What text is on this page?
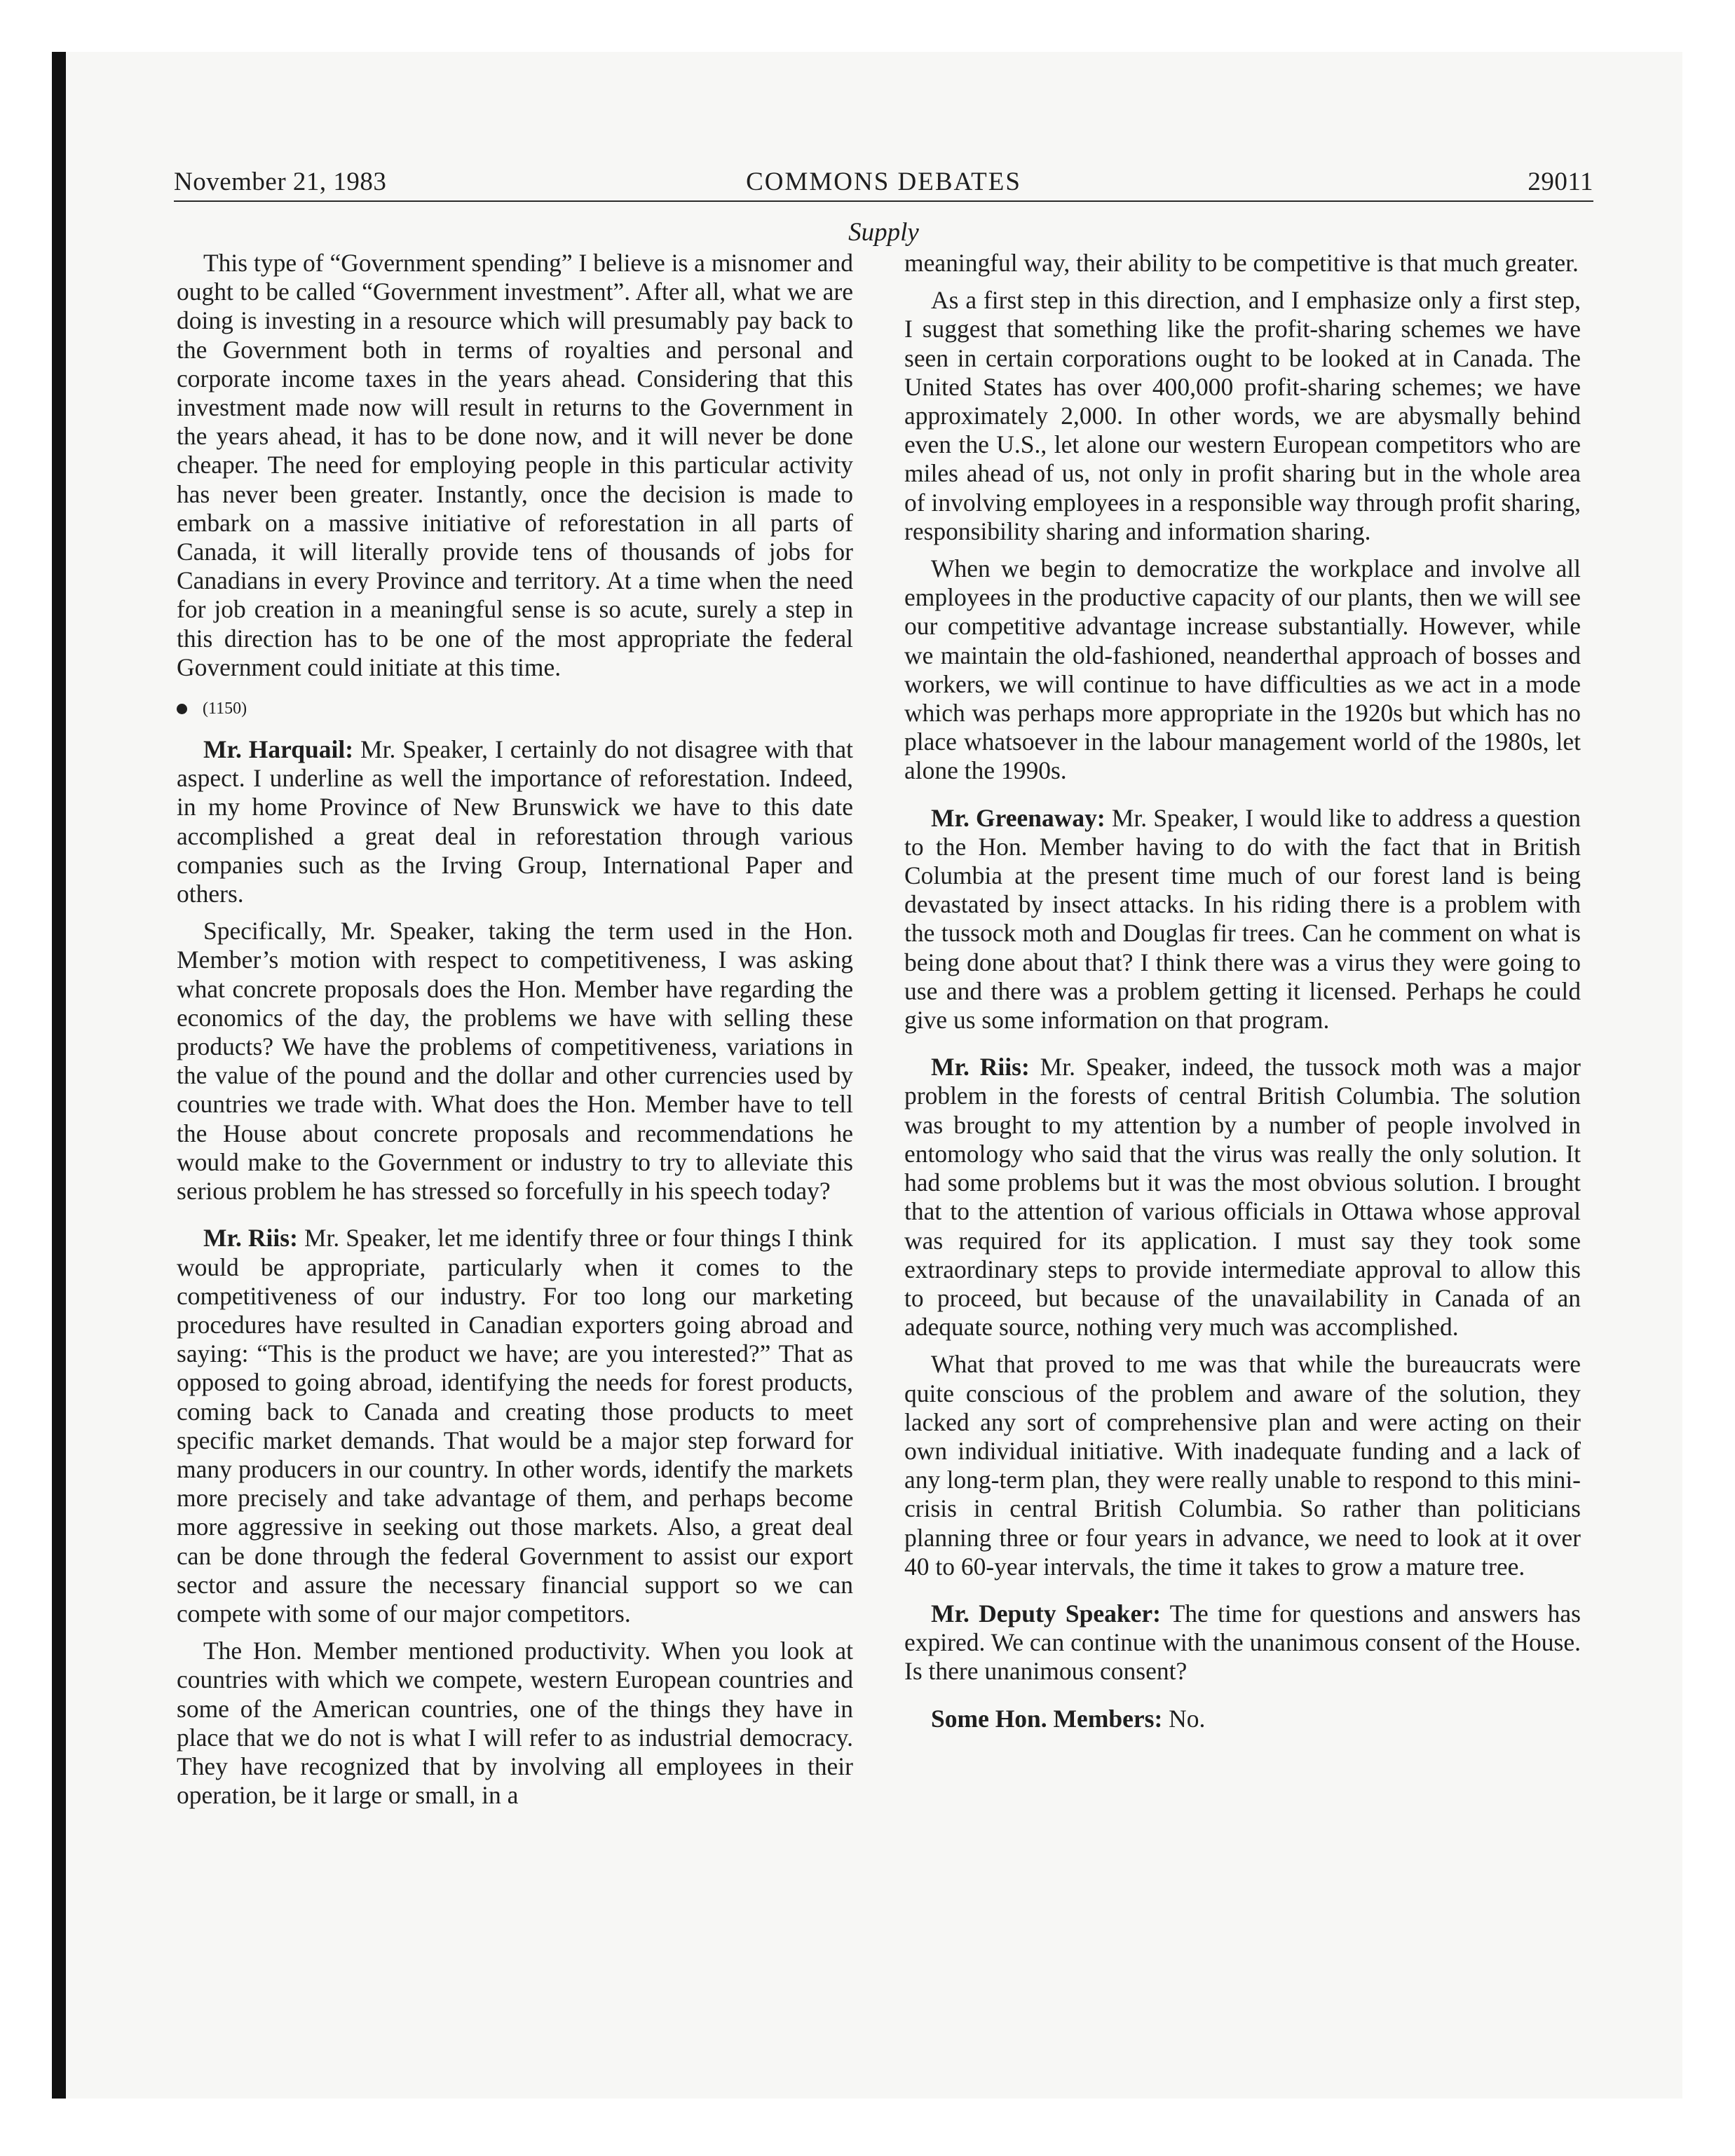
November 21, 1983	COMMONS DEBATES	29011
Supply

This type of “Government spending” I believe is a misnomer and ought to be called “Government investment”. After all, what we are doing is investing in a resource which will presumably pay back to the Government both in terms of royalties and personal and corporate income taxes in the years ahead. Considering that this investment made now will result in returns to the Government in the years ahead, it has to be done now, and it will never be done cheaper. The need for employing people in this particular activity has never been greater. Instantly, once the decision is made to embark on a massive initiative of reforestation in all parts of Canada, it will literally provide tens of thousands of jobs for Canadians in every Province and territory. At a time when the need for job creation in a meaningful sense is so acute, surely a step in this direction has to be one of the most appropriate the federal Government could initiate at this time.

(1150)

Mr. Harquail: Mr. Speaker, I certainly do not disagree with that aspect. I underline as well the importance of reforestation. Indeed, in my home Province of New Brunswick we have to this date accomplished a great deal in reforestation through various companies such as the Irving Group, International Paper and others.

Specifically, Mr. Speaker, taking the term used in the Hon. Member’s motion with respect to competitiveness, I was asking what concrete proposals does the Hon. Member have regarding the economics of the day, the problems we have with selling these products? We have the problems of competitiveness, variations in the value of the pound and the dollar and other currencies used by countries we trade with. What does the Hon. Member have to tell the House about concrete proposals and recommendations he would make to the Government or industry to try to alleviate this serious problem he has stressed so forcefully in his speech today?

Mr. Riis: Mr. Speaker, let me identify three or four things I think would be appropriate, particularly when it comes to the competitiveness of our industry. For too long our marketing procedures have resulted in Canadian exporters going abroad and saying: “This is the product we have; are you interested?” That as opposed to going abroad, identifying the needs for forest products, coming back to Canada and creating those products to meet specific market demands. That would be a major step forward for many producers in our country. In other words, identify the markets more precisely and take advantage of them, and perhaps become more aggressive in seeking out those markets. Also, a great deal can be done through the federal Government to assist our export sector and assure the necessary financial support so we can compete with some of our major competitors.

The Hon. Member mentioned productivity. When you look at countries with which we compete, western European countries and some of the American countries, one of the things they have in place that we do not is what I will refer to as industrial democracy. They have recognized that by involving all employees in their operation, be it large or small, in a

meaningful way, their ability to be competitive is that much greater.

As a first step in this direction, and I emphasize only a first step, I suggest that something like the profit-sharing schemes we have seen in certain corporations ought to be looked at in Canada. The United States has over 400,000 profit-sharing schemes; we have approximately 2,000. In other words, we are abysmally behind even the U.S., let alone our western European competitors who are miles ahead of us, not only in profit sharing but in the whole area of involving employees in a responsible way through profit sharing, responsibility sharing and information sharing.

When we begin to democratize the workplace and involve all employees in the productive capacity of our plants, then we will see our competitive advantage increase substantially. However, while we maintain the old-fashioned, neanderthal approach of bosses and workers, we will continue to have difficulties as we act in a mode which was perhaps more appropriate in the 1920s but which has no place whatsoever in the labour management world of the 1980s, let alone the 1990s.

Mr. Greenaway: Mr. Speaker, I would like to address a question to the Hon. Member having to do with the fact that in British Columbia at the present time much of our forest land is being devastated by insect attacks. In his riding there is a problem with the tussock moth and Douglas fir trees. Can he comment on what is being done about that? I think there was a virus they were going to use and there was a problem getting it licensed. Perhaps he could give us some information on that program.

Mr. Riis: Mr. Speaker, indeed, the tussock moth was a major problem in the forests of central British Columbia. The solution was brought to my attention by a number of people involved in entomology who said that the virus was really the only solution. It had some problems but it was the most obvious solution. I brought that to the attention of various officials in Ottawa whose approval was required for its application. I must say they took some extraordinary steps to provide intermediate approval to allow this to proceed, but because of the unavailability in Canada of an adequate source, nothing very much was accomplished.

What that proved to me was that while the bureaucrats were quite conscious of the problem and aware of the solution, they lacked any sort of comprehensive plan and were acting on their own individual initiative. With inadequate funding and a lack of any long-term plan, they were really unable to respond to this mini-crisis in central British Columbia. So rather than politicians planning three or four years in advance, we need to look at it over 40 to 60-year intervals, the time it takes to grow a mature tree.

Mr. Deputy Speaker: The time for questions and answers has expired. We can continue with the unanimous consent of the House. Is there unanimous consent?

Some Hon. Members: No.
